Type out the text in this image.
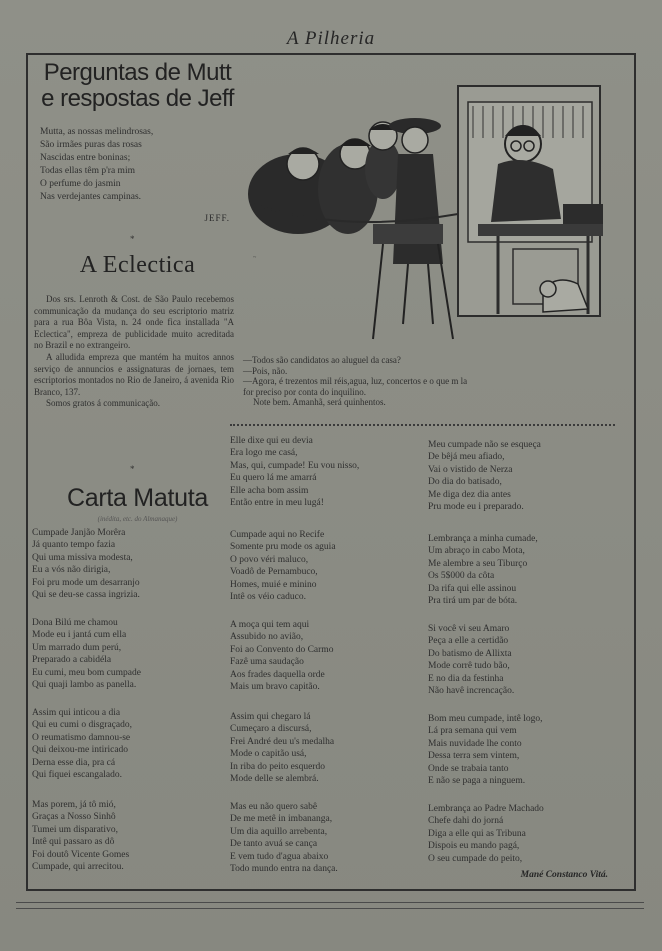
A Pilheria
Perguntas de Mutt
e respostas de Jeff
Mutta, as nossas melindrosas,
São irmães puras das rosas
Nascidas entre boninas;
Todas ellas têm p'ra mim
O perfume do jasmin
Nas verdejantes campinas.
JEFF.
*
A Eclectica

Dos srs. Lenroth & Cost. de São Paulo recebemos communicação da mudança do seu escriptorio matriz para a rua Bôa Vista, n. 24 onde fica installada "A Eclectica", empreza de publicidade muito acreditada no Brazil e no extrangeiro.

A alludida empreza que mantém ha muitos annos serviço de annuncios e assignaturas de jornaes, tem escriptorios montados no Rio de Janeiro, á avenida Rio Branco, 137.

Somos gratos á communicação.

*
Carta Matuta
(inédita, etc. do Almanaque)
Cumpade Janjão Morêra
Já quanto tempo fazia
Qui uma missiva modesta,
Eu a vós não dirigia,
Foi pru mode um desarranjo
Qui se deu-se cassa ingrizia.
Dona Bilú me chamou
Mode eu i jantá cum ella
Um marrado dum perú,
Preparado a cabidéla
Eu cumi, meu bom cumpade
Qui quaji lambo as panella.
Assim qui inticou a dia
Qui eu cumi o disgraçado,
O reumatismo damnou-se
Qui deixou-me intiricado
Derna esse dia, pra cá
Qui fiquei escangalado.
Mas porem, já tô mió,
Graças a Nosso Sinhô
Tumei um disparativo,
Intê qui passaro as dô
Foi doutô Vicente Gomes
Cumpade, qui arrecitou.
Elle dixe qui eu devia
Era logo me casá,
Mas, qui, cumpade! Eu vou nisso,
Eu quero lá me amarrá
Elle acha bom assim
Então entre in meu lugá!
Cumpade aqui no Recife
Somente pru mode os aguia
O povo véri maluco,
Voadô de Pernambuco,
Homes, muié e minino
Intê os véio caduco.
A moça qui tem aqui
Assubido no avião,
Foi ao Convento do Carmo
Fazê uma saudação
Aos frades daquella orde
Mais um bravo capitão.
Assim qui chegaro lá
Cumeçaro a discursá,
Frei André deu u's medalha
Mode o capitão usá,
In riba do peito esquerdo
Mode delle se alembrá.
Mas eu não quero sabê
De me metê in imbananga,
Um dia aquillo arrebenta,
De tanto avuá se cança
E vem tudo d'agua abaixo
Todo mundo entra na dança.
Meu cumpade não se esqueça
De bêjá meu afiado,
Vai o vistido de Nerza
Do dia do batisado,
Me diga dez dia antes
Pru mode eu i preparado.
Lembrança a minha cumade,
Um abraço in cabo Mota,
Me alembre a seu Tiburço
Os 5$000 da côta
Da rifa qui elle assinou
Pra tirá um par de bóta.
Si você vi seu Amaro
Peça a elle a certidão
Do batismo de Allixta
Mode corrê tudo bão,
E no dia da festinha
Não havê increncação.
Bom meu cumpade, intê logo,
Lá pra semana qui vem
Mais nuvidade lhe conto
Dessa terra sem vintem,
Onde se trabaia tanto
E não se paga a ninguem.
Lembrança ao Padre Machado
Chefe dahi do jorná
Diga a elle qui as Tribuna
Dispois eu mando pagá,
O seu cumpade do peito,
Mané Constanco Vitá.
~
—Todos são candidatos ao aluguel da casa?
—Pois, não.
—Agora, é trezentos mil réis,agua, luz, concertos e o que m la
for preciso por conta do inquilino.
Note bem. Amanhã, será quinhentos.
